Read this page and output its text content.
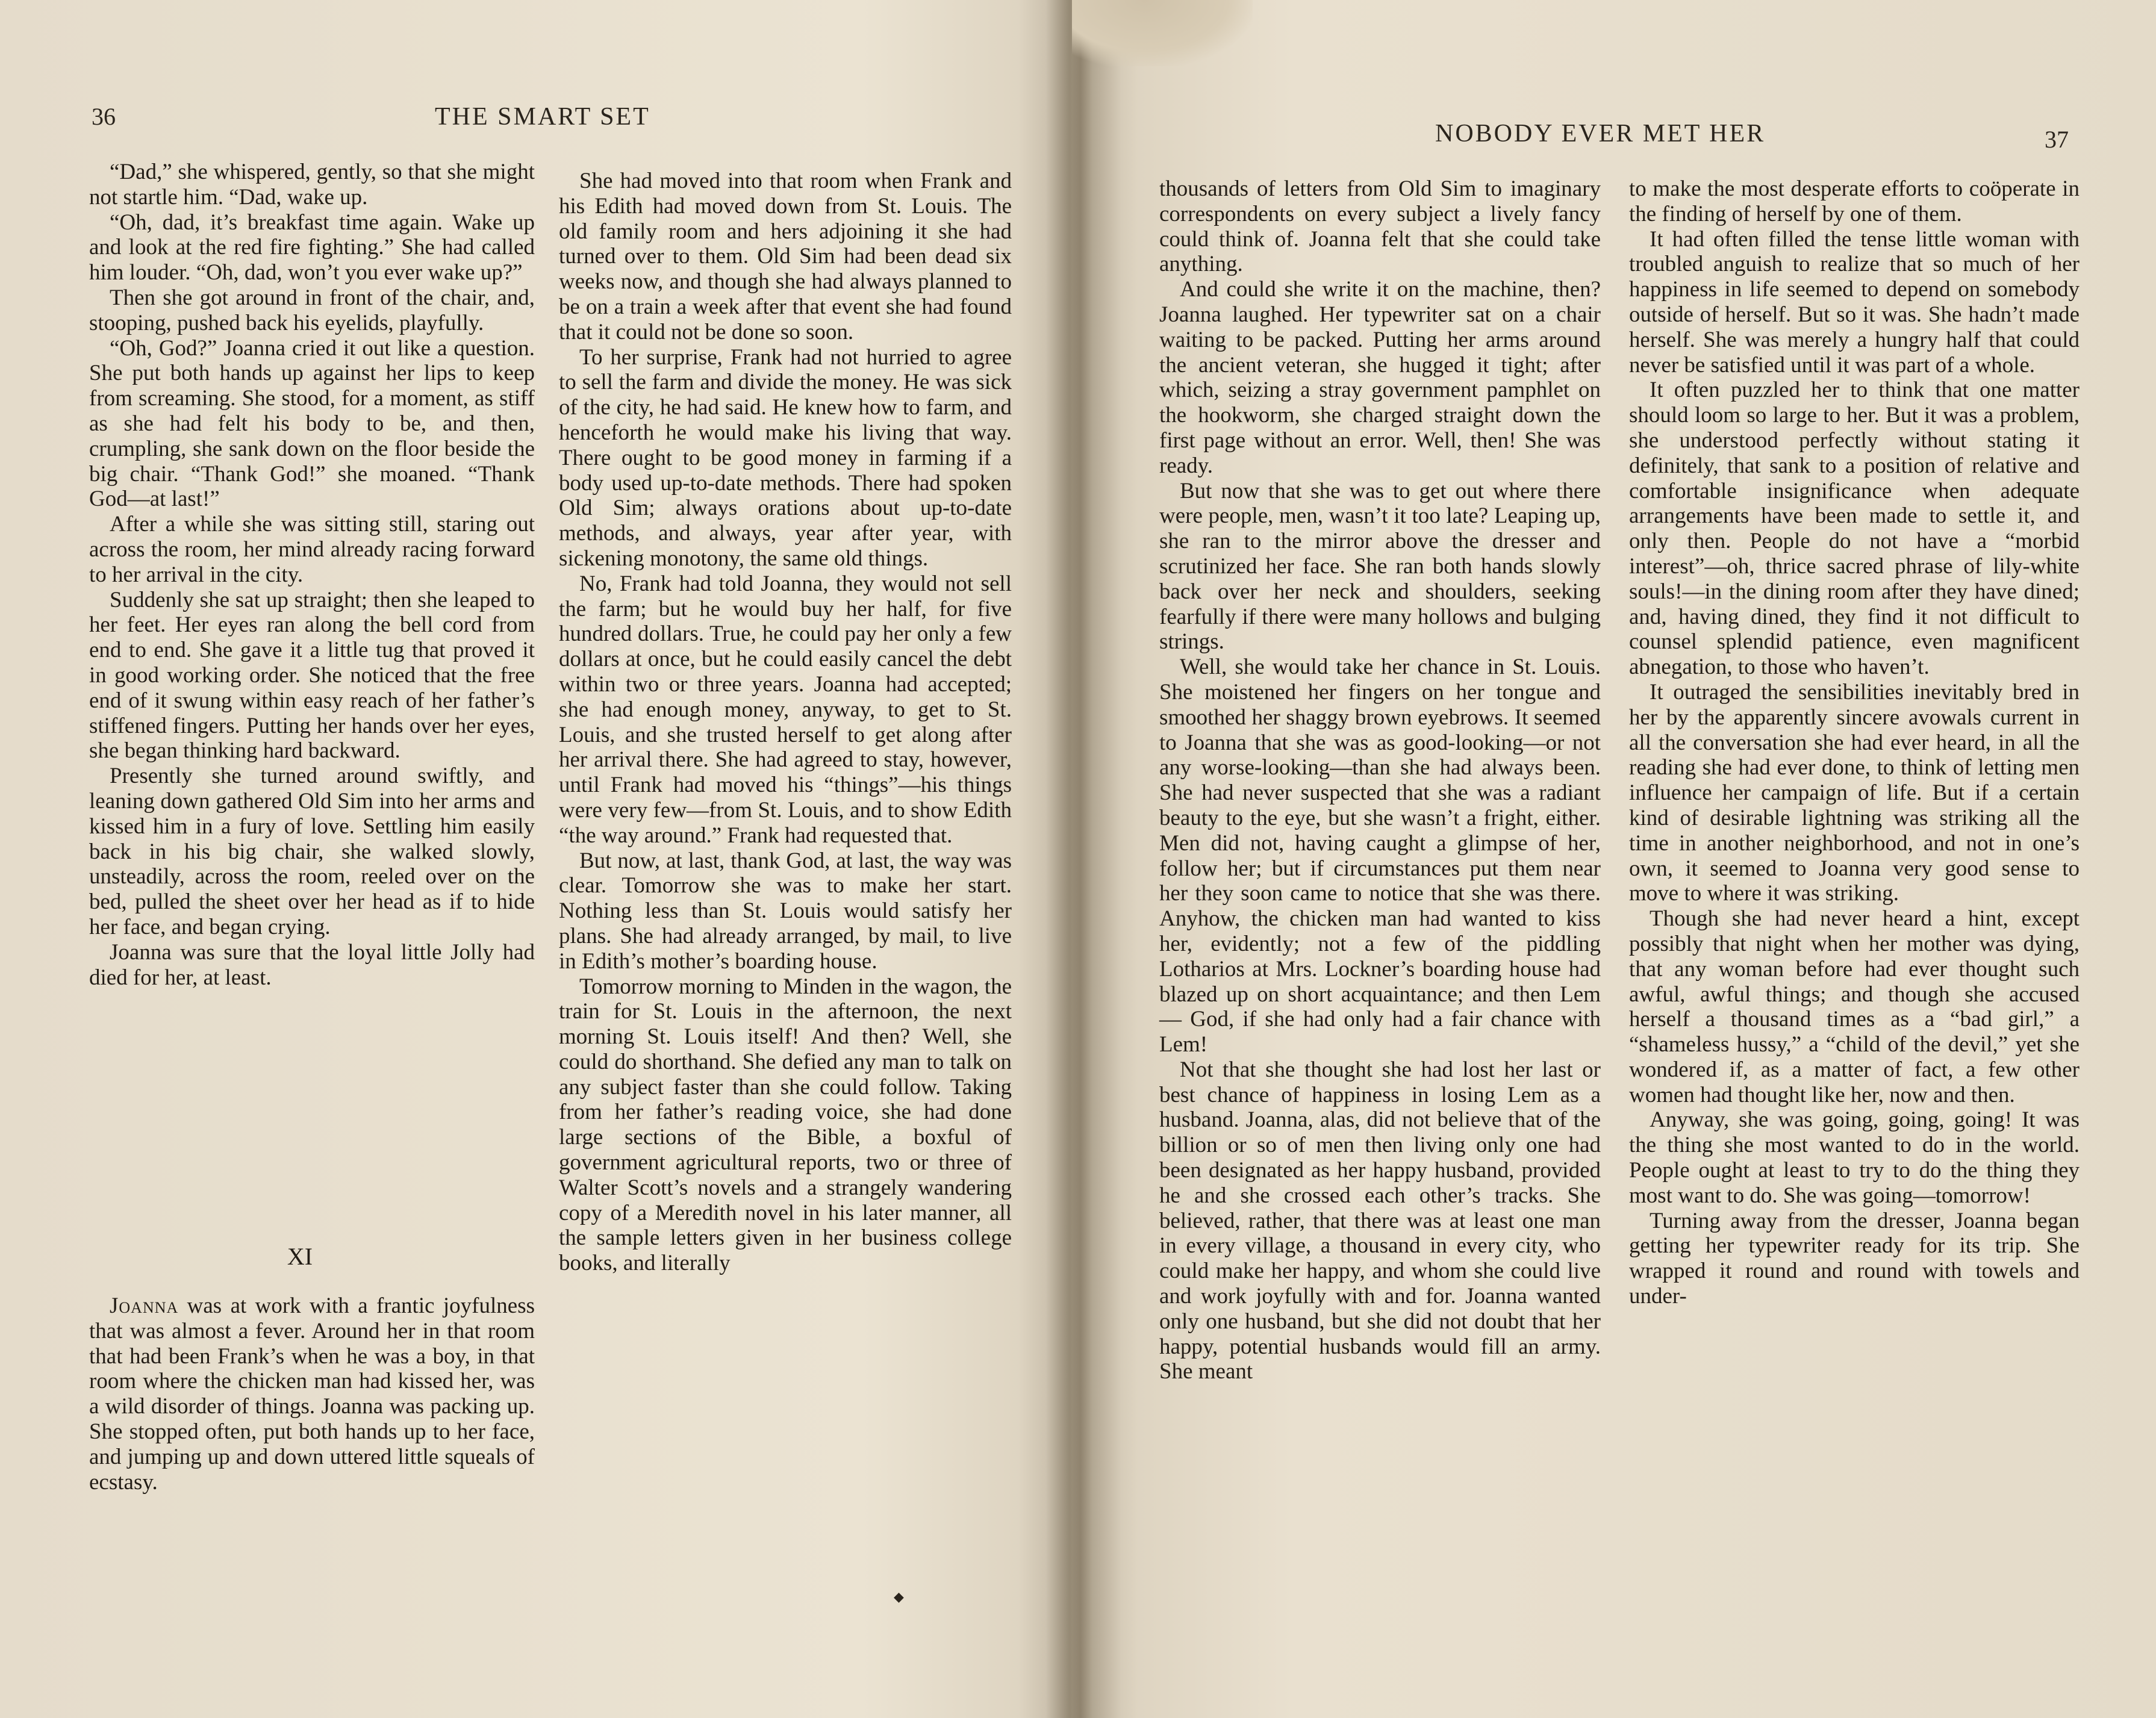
36	THE SMART SET

“Dad,” she whispered, gently, so that she might not startle him. “Dad, wake up.

“Oh, dad, it’s breakfast time again. Wake up and look at the red fire fighting.” She had called him louder. “Oh, dad, won’t you ever wake up?”

Then she got around in front of the chair, and, stooping, pushed back his eyelids, playfully.

“Oh, God?” Joanna cried it out like a question. She put both hands up against her lips to keep from screaming. She stood, for a moment, as stiff as she had felt his body to be, and then, crumpling, she sank down on the floor beside the big chair. “Thank God!” she moaned. “Thank God—at last!”

After a while she was sitting still, staring out across the room, her mind already racing forward to her arrival in the city.

Suddenly she sat up straight; then she leaped to her feet. Her eyes ran along the bell cord from end to end. She gave it a little tug that proved it in good working order. She noticed that the free end of it swung within easy reach of her father’s stiffened fingers. Putting her hands over her eyes, she began thinking hard backward.

Presently she turned around swiftly, and leaning down gathered Old Sim into her arms and kissed him in a fury of love. Settling him easily back in his big chair, she walked slowly, unsteadily, across the room, reeled over on the bed, pulled the sheet over her head as if to hide her face, and began crying.

Joanna was sure that the loyal little Jolly had died for her, at least.

XI

Joanna was at work with a frantic joyfulness that was almost a fever. Around her in that room that had been Frank’s when he was a boy, in that room where the chicken man had kissed her, was a wild disorder of things. Joanna was packing up. She stopped often, put both hands up to her face, and jumping up and down uttered little squeals of ecstasy.

She had moved into that room when Frank and his Edith had moved down from St. Louis. The old family room and hers adjoining it she had turned over to them. Old Sim had been dead six weeks now, and though she had always planned to be on a train a week after that event she had found that it could not be done so soon.

To her surprise, Frank had not hurried to agree to sell the farm and divide the money. He was sick of the city, he had said. He knew how to farm, and henceforth he would make his living that way. There ought to be good money in farming if a body used up-to-date methods. There had spoken Old Sim; always orations about up-to-date methods, and always, year after year, with sickening monotony, the same old things.

No, Frank had told Joanna, they would not sell the farm; but he would buy her half, for five hundred dollars. True, he could pay her only a few dollars at once, but he could easily cancel the debt within two or three years. Joanna had accepted; she had enough money, anyway, to get to St. Louis, and she trusted herself to get along after her arrival there. She had agreed to stay, however, until Frank had moved his “things”—his things were very few—from St. Louis, and to show Edith “the way around.” Frank had requested that.

But now, at last, thank God, at last, the way was clear. Tomorrow she was to make her start. Nothing less than St. Louis would satisfy her plans. She had already arranged, by mail, to live in Edith’s mother’s boarding house.

Tomorrow morning to Minden in the wagon, the train for St. Louis in the afternoon, the next morning St. Louis itself! And then? Well, she could do shorthand. She defied any man to talk on any subject faster than she could follow. Taking from her father’s reading voice, she had done large sections of the Bible, a boxful of government agricultural reports, two or three of Walter Scott’s novels and a strangely wandering copy of a Meredith novel in his later manner, all the sample letters given in her business college books, and literally

◆
NOBODY EVER MET HER	37

thousands of letters from Old Sim to imaginary correspondents on every subject a lively fancy could think of. Joanna felt that she could take anything.

And could she write it on the machine, then? Joanna laughed. Her typewriter sat on a chair waiting to be packed. Putting her arms around the ancient veteran, she hugged it tight; after which, seizing a stray government pamphlet on the hookworm, she charged straight down the first page without an error. Well, then! She was ready.

But now that she was to get out where there were people, men, wasn’t it too late? Leaping up, she ran to the mirror above the dresser and scrutinized her face. She ran both hands slowly back over her neck and shoulders, seeking fearfully if there were many hollows and bulging strings.

Well, she would take her chance in St. Louis. She moistened her fingers on her tongue and smoothed her shaggy brown eyebrows. It seemed to Joanna that she was as good-looking—or not any worse-looking—than she had always been. She had never suspected that she was a radiant beauty to the eye, but she wasn’t a fright, either. Men did not, having caught a glimpse of her, follow her; but if circumstances put them near her they soon came to notice that she was there. Anyhow, the chicken man had wanted to kiss her, evidently; not a few of the piddling Lotharios at Mrs. Lockner’s boarding house had blazed up on short acquaintance; and then Lem— God, if she had only had a fair chance with Lem!

Not that she thought she had lost her last or best chance of happiness in losing Lem as a husband. Joanna, alas, did not believe that of the billion or so of men then living only one had been designated as her happy husband, provided he and she crossed each other’s tracks. She believed, rather, that there was at least one man in every village, a thousand in every city, who could make her happy, and whom she could live and work joyfully with and for. Joanna wanted only one husband, but she did not doubt that her happy, potential husbands would fill an army. She meant

to make the most desperate efforts to coöperate in the finding of herself by one of them.

It had often filled the tense little woman with troubled anguish to realize that so much of her happiness in life seemed to depend on somebody outside of herself. But so it was. She hadn’t made herself. She was merely a hungry half that could never be satisfied until it was part of a whole.

It often puzzled her to think that one matter should loom so large to her. But it was a problem, she understood perfectly without stating it definitely, that sank to a position of relative and comfortable insignificance when adequate arrangements have been made to settle it, and only then. People do not have a “morbid interest”—oh, thrice sacred phrase of lily-white souls!—in the dining room after they have dined; and, having dined, they find it not difficult to counsel splendid patience, even magnificent abnegation, to those who haven’t.

It outraged the sensibilities inevitably bred in her by the apparently sincere avowals current in all the conversation she had ever heard, in all the reading she had ever done, to think of letting men influence her campaign of life. But if a certain kind of desirable lightning was striking all the time in another neighborhood, and not in one’s own, it seemed to Joanna very good sense to move to where it was striking.

Though she had never heard a hint, except possibly that night when her mother was dying, that any woman before had ever thought such awful, awful things; and though she accused herself a thousand times as a “bad girl,” a “shameless hussy,” a “child of the devil,” yet she wondered if, as a matter of fact, a few other women had thought like her, now and then.

Anyway, she was going, going, going! It was the thing she most wanted to do in the world. People ought at least to try to do the thing they most want to do. She was going—tomorrow!

Turning away from the dresser, Joanna began getting her typewriter ready for its trip. She wrapped it round and round with towels and under-
